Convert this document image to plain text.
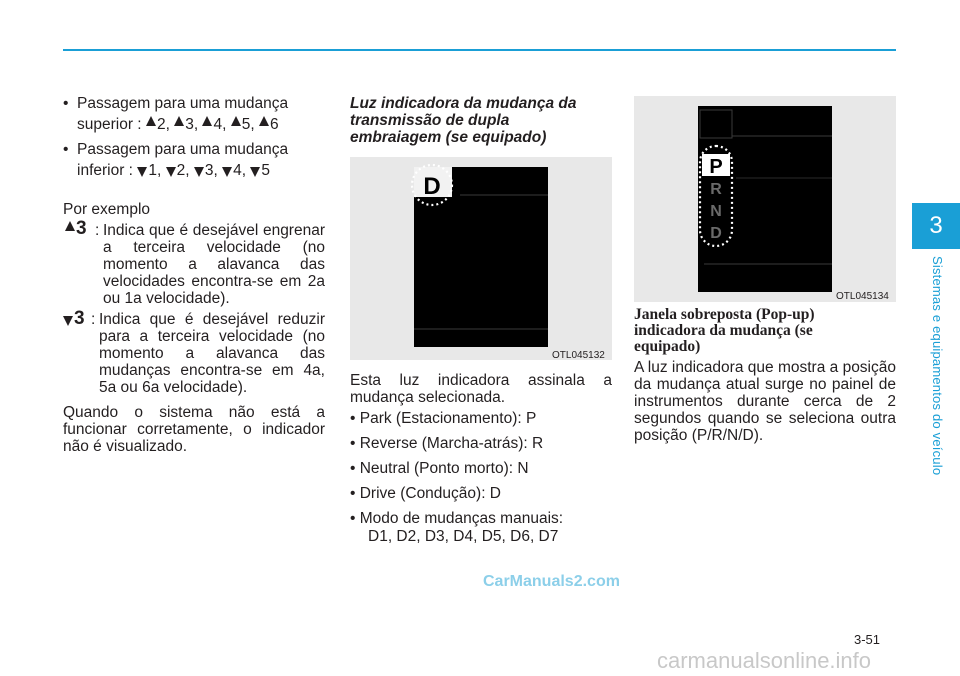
3
Sistemas e equipamentos do veículo

• Passagem para uma mudança

superior : 2, 3, 4, 5, 6

• Passagem para uma mudança

inferior : 1, 2, 3, 4, 5

Por exemplo

3 : Indica que é desejável engrenar a terceira velocidade (no momento a alavanca das velocidades encontra-se em 2a ou 1a velocidade).

3 : Indica que é desejável reduzir para a terceira velocidade (no momento a alavanca das mudanças encontra-se em 4a, 5a ou 6a velocidade).

Quando o sistema não está a funcionar corretamente, o indicador não é visualizado.

Luz indicadora da mudança da transmissão de dupla embraiagem (se equipado)

D
OTL045132

Esta luz indicadora assinala a mudança selecionada.

• Park (Estacionamento): P

• Reverse (Marcha-atrás): R

• Neutral (Ponto morto): N

• Drive (Condução): D

• Modo de mudanças manuais:

D1, D2, D3, D4, D5, D6, D7

P
R
N
D
OTL045134

Janela sobreposta (Pop-up) indicadora da mudança (se equipado)

A luz indicadora que mostra a posição da mudança atual surge no painel de instrumentos durante cerca de 2 segundos quando se seleciona outra posição (P/R/N/D).

CarManuals2.com
3-51
carmanualsonline.info
